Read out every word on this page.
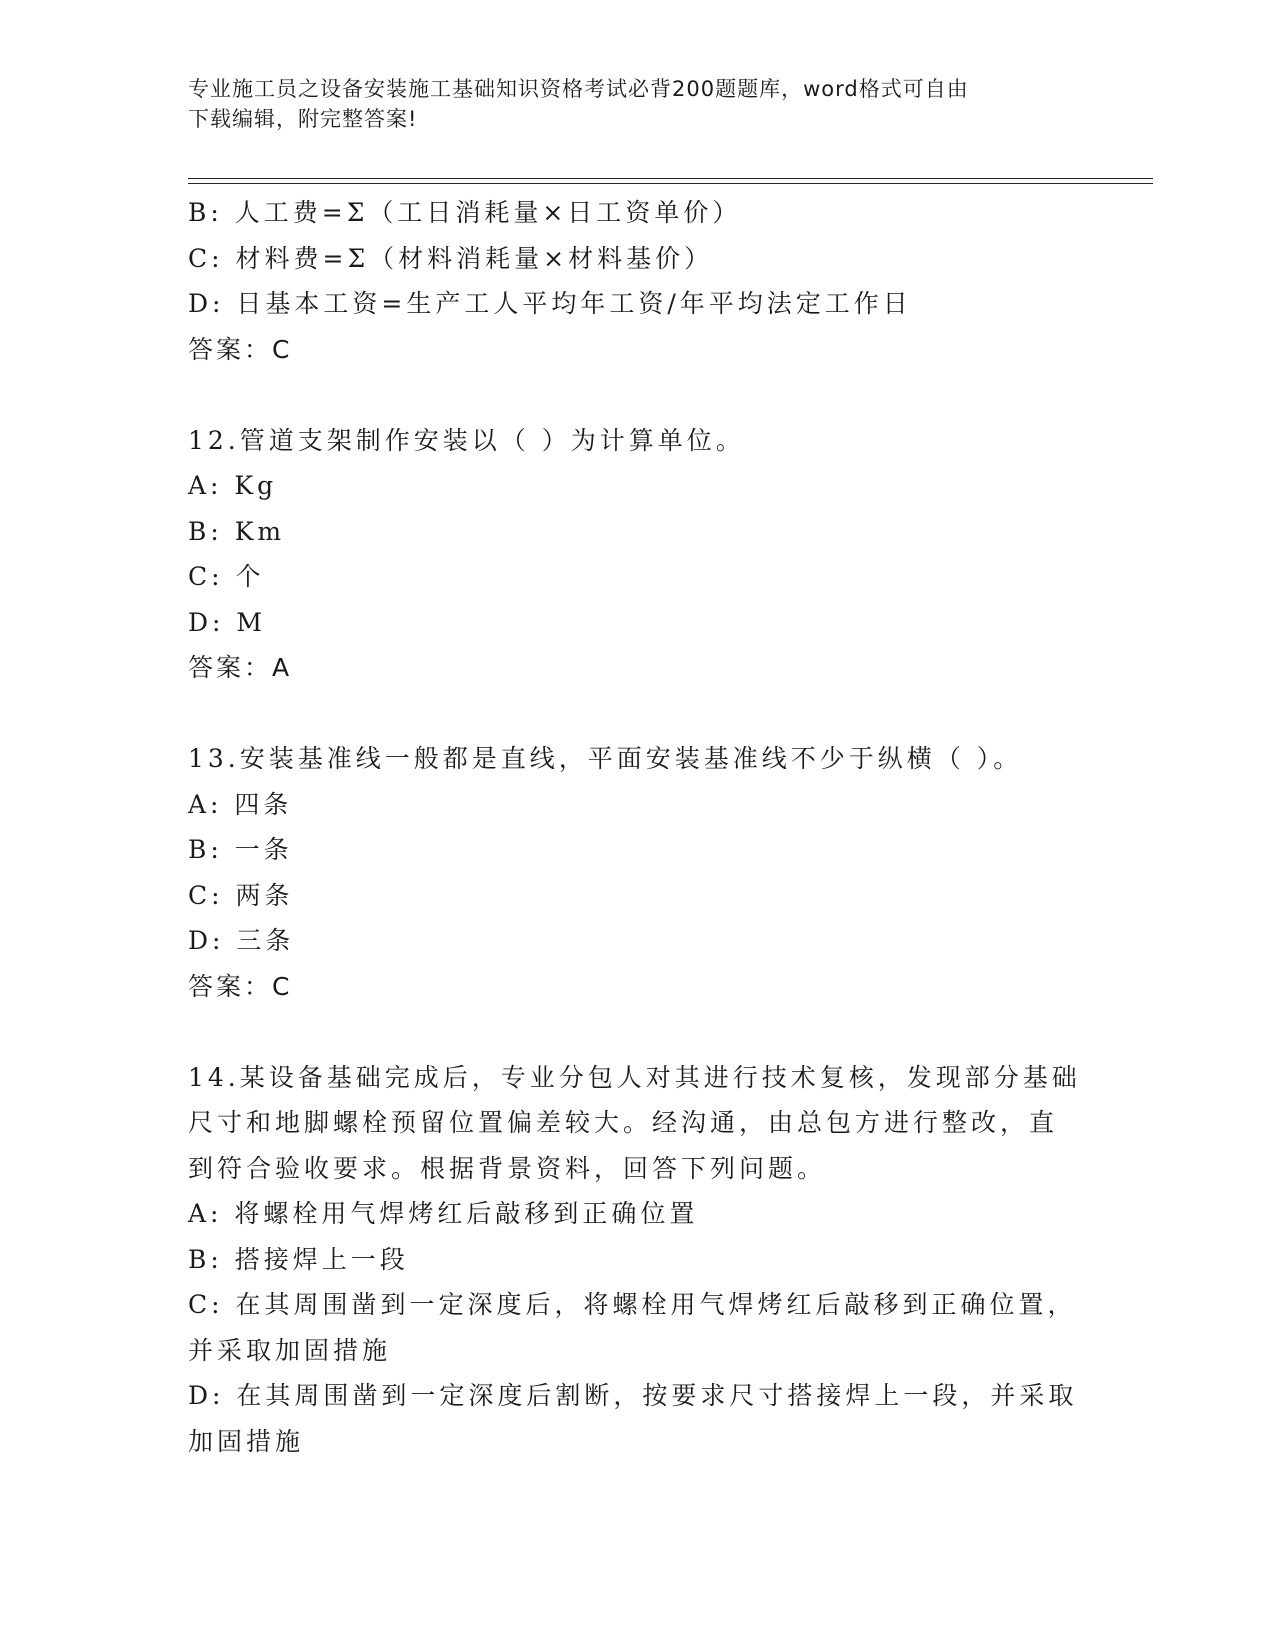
专业施工员之设备安装施工基础知识资格考试必背200题题库，word格式可自由
下载编辑，附完整答案!
B: 人工费=Σ（工日消耗量×日工资单价）
C: 材料费=Σ（材料消耗量×材料基价）
D: 日基本工资=生产工人平均年工资/年平均法定工作日
答案：C
12.管道支架制作安装以（ ）为计算单位。
A: Kg
B: Km
C: 个
D: M
答案：A
13.安装基准线一般都是直线，平面安装基准线不少于纵横（ ）。
A: 四条
B: 一条
C: 两条
D: 三条
答案：C
14.某设备基础完成后，专业分包人对其进行技术复核，发现部分基础
尺寸和地脚螺栓预留位置偏差较大。经沟通，由总包方进行整改，直
到符合验收要求。根据背景资料，回答下列问题。
A: 将螺栓用气焊烤红后敲移到正确位置
B: 搭接焊上一段
C: 在其周围凿到一定深度后，将螺栓用气焊烤红后敲移到正确位置，
并采取加固措施
D: 在其周围凿到一定深度后割断，按要求尺寸搭接焊上一段，并采取
加固措施
